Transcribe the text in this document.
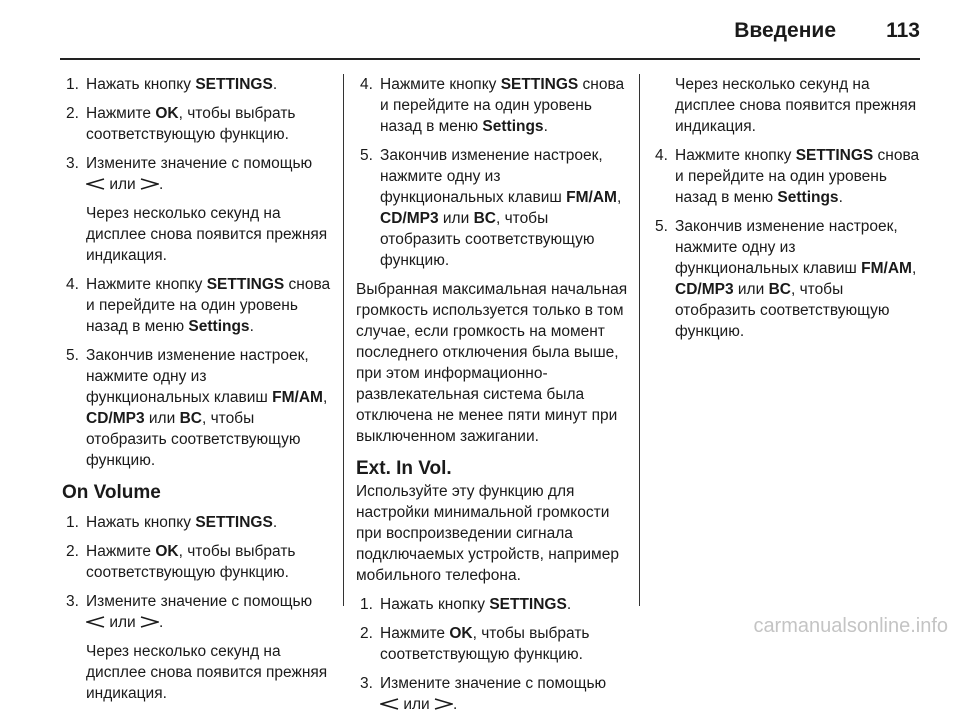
Введение 113
1. Нажать кнопку SETTINGS.
2. Нажмите OK, чтобы выбрать соответствующую функцию.
3. Измените значение с помощью
или .
Через несколько секунд на дисплее снова появится прежняя индикация.
4. Нажмите кнопку SETTINGS снова и перейдите на один уровень назад в меню Settings.
5. Закончив изменение настроек, нажмите одну из функциональных клавиш FM/AM, CD/MP3 или BC, чтобы отобразить соответствующую функцию.
On Volume
1. Нажать кнопку SETTINGS.
2. Нажмите OK, чтобы выбрать соответствующую функцию.
3. Измените значение с помощью
или .
Через несколько секунд на дисплее снова появится прежняя индикация.
4. Нажмите кнопку SETTINGS снова и перейдите на один уровень назад в меню Settings.
5. Закончив изменение настроек, нажмите одну из функциональных клавиш FM/AM, CD/MP3 или BC, чтобы отобразить соответствующую функцию.

Выбранная максимальная начальная громкость используется только в том случае, если громкость на момент последнего отключения была выше, при этом информационно-развлекательная система была отключена не менее пяти минут при выключенном зажигании.

Ext. In Vol.

Используйте эту функцию для настройки минимальной громкости при воспроизведении сигнала подключаемых устройств, например мобильного телефона.

1. Нажать кнопку SETTINGS.
2. Нажмите OK, чтобы выбрать соответствующую функцию.
3. Измените значение с помощью
или .

Через несколько секунд на дисплее снова появится прежняя индикация.

4. Нажмите кнопку SETTINGS снова и перейдите на один уровень назад в меню Settings.
5. Закончив изменение настроек, нажмите одну из функциональных клавиш FM/AM, CD/MP3 или BC, чтобы отобразить соответствующую функцию.
carmanualsonline.info
